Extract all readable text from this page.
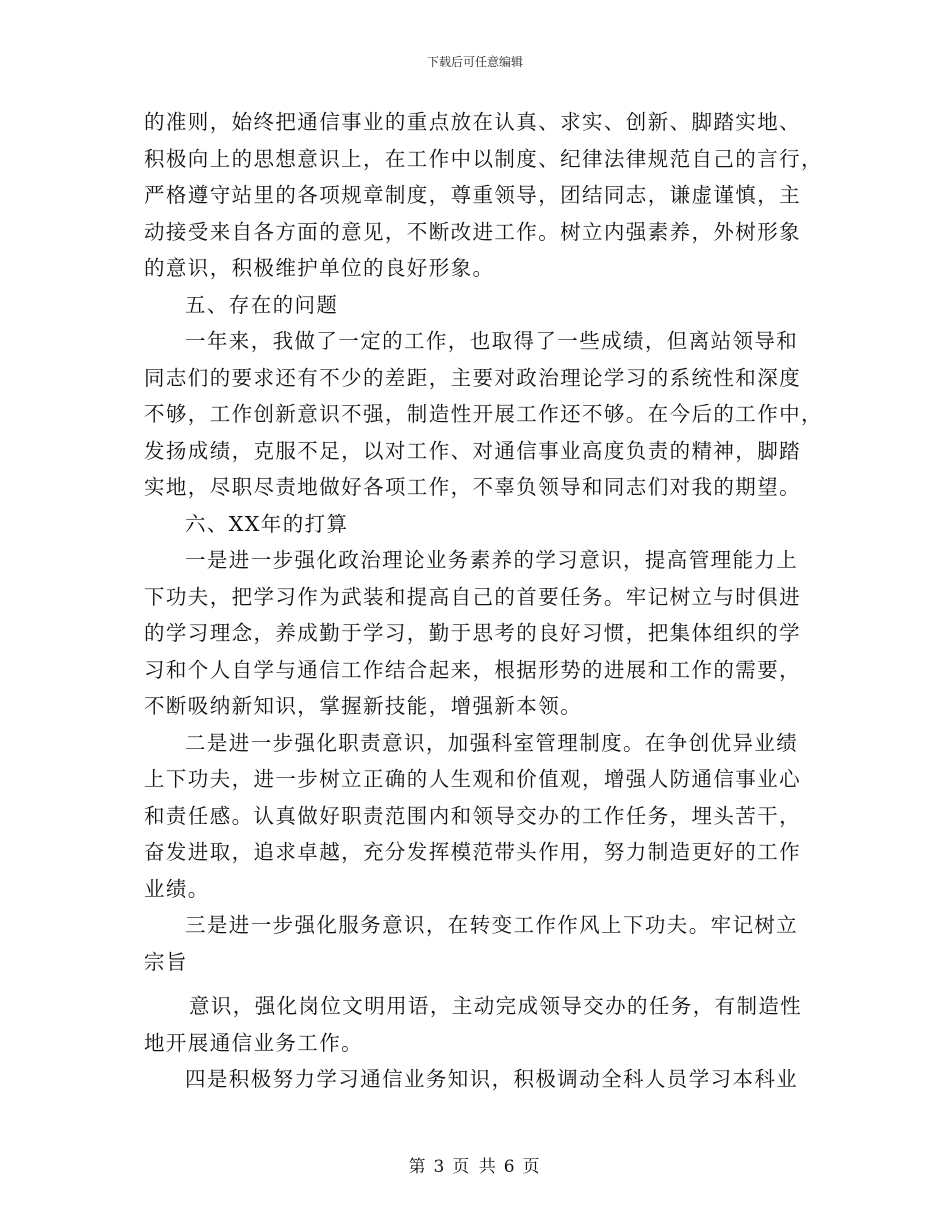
下载后可任意编辑
的准则，始终把通信事业的重点放在认真、求实、创新、脚踏实地、
积极向上的思想意识上，在工作中以制度、纪律法律规范自己的言行，
严格遵守站里的各项规章制度，尊重领导，团结同志，谦虚谨慎，主
动接受来自各方面的意见，不断改进工作。树立内强素养，外树形象
的意识，积极维护单位的良好形象。
五、存在的问题
一年来，我做了一定的工作，也取得了一些成绩，但离站领导和
同志们的要求还有不少的差距，主要对政治理论学习的系统性和深度
不够，工作创新意识不强，制造性开展工作还不够。在今后的工作中，
发扬成绩，克服不足，以对工作、对通信事业高度负责的精神，脚踏
实地，尽职尽责地做好各项工作，不辜负领导和同志们对我的期望。
六、XX年的打算
一是进一步强化政治理论业务素养的学习意识，提高管理能力上
下功夫，把学习作为武装和提高自己的首要任务。牢记树立与时俱进
的学习理念，养成勤于学习，勤于思考的良好习惯，把集体组织的学
习和个人自学与通信工作结合起来，根据形势的进展和工作的需要，
不断吸纳新知识，掌握新技能，增强新本领。
二是进一步强化职责意识，加强科室管理制度。在争创优异业绩
上下功夫，进一步树立正确的人生观和价值观，增强人防通信事业心
和责任感。认真做好职责范围内和领导交办的工作任务，埋头苦干，
奋发进取，追求卓越，充分发挥模范带头作用，努力制造更好的工作
业绩。
三是进一步强化服务意识，在转变工作作风上下功夫。牢记树立
宗旨
意识，强化岗位文明用语，主动完成领导交办的任务，有制造性
地开展通信业务工作。
四是积极努力学习通信业务知识，积极调动全科人员学习本科业
第 3 页 共 6 页
